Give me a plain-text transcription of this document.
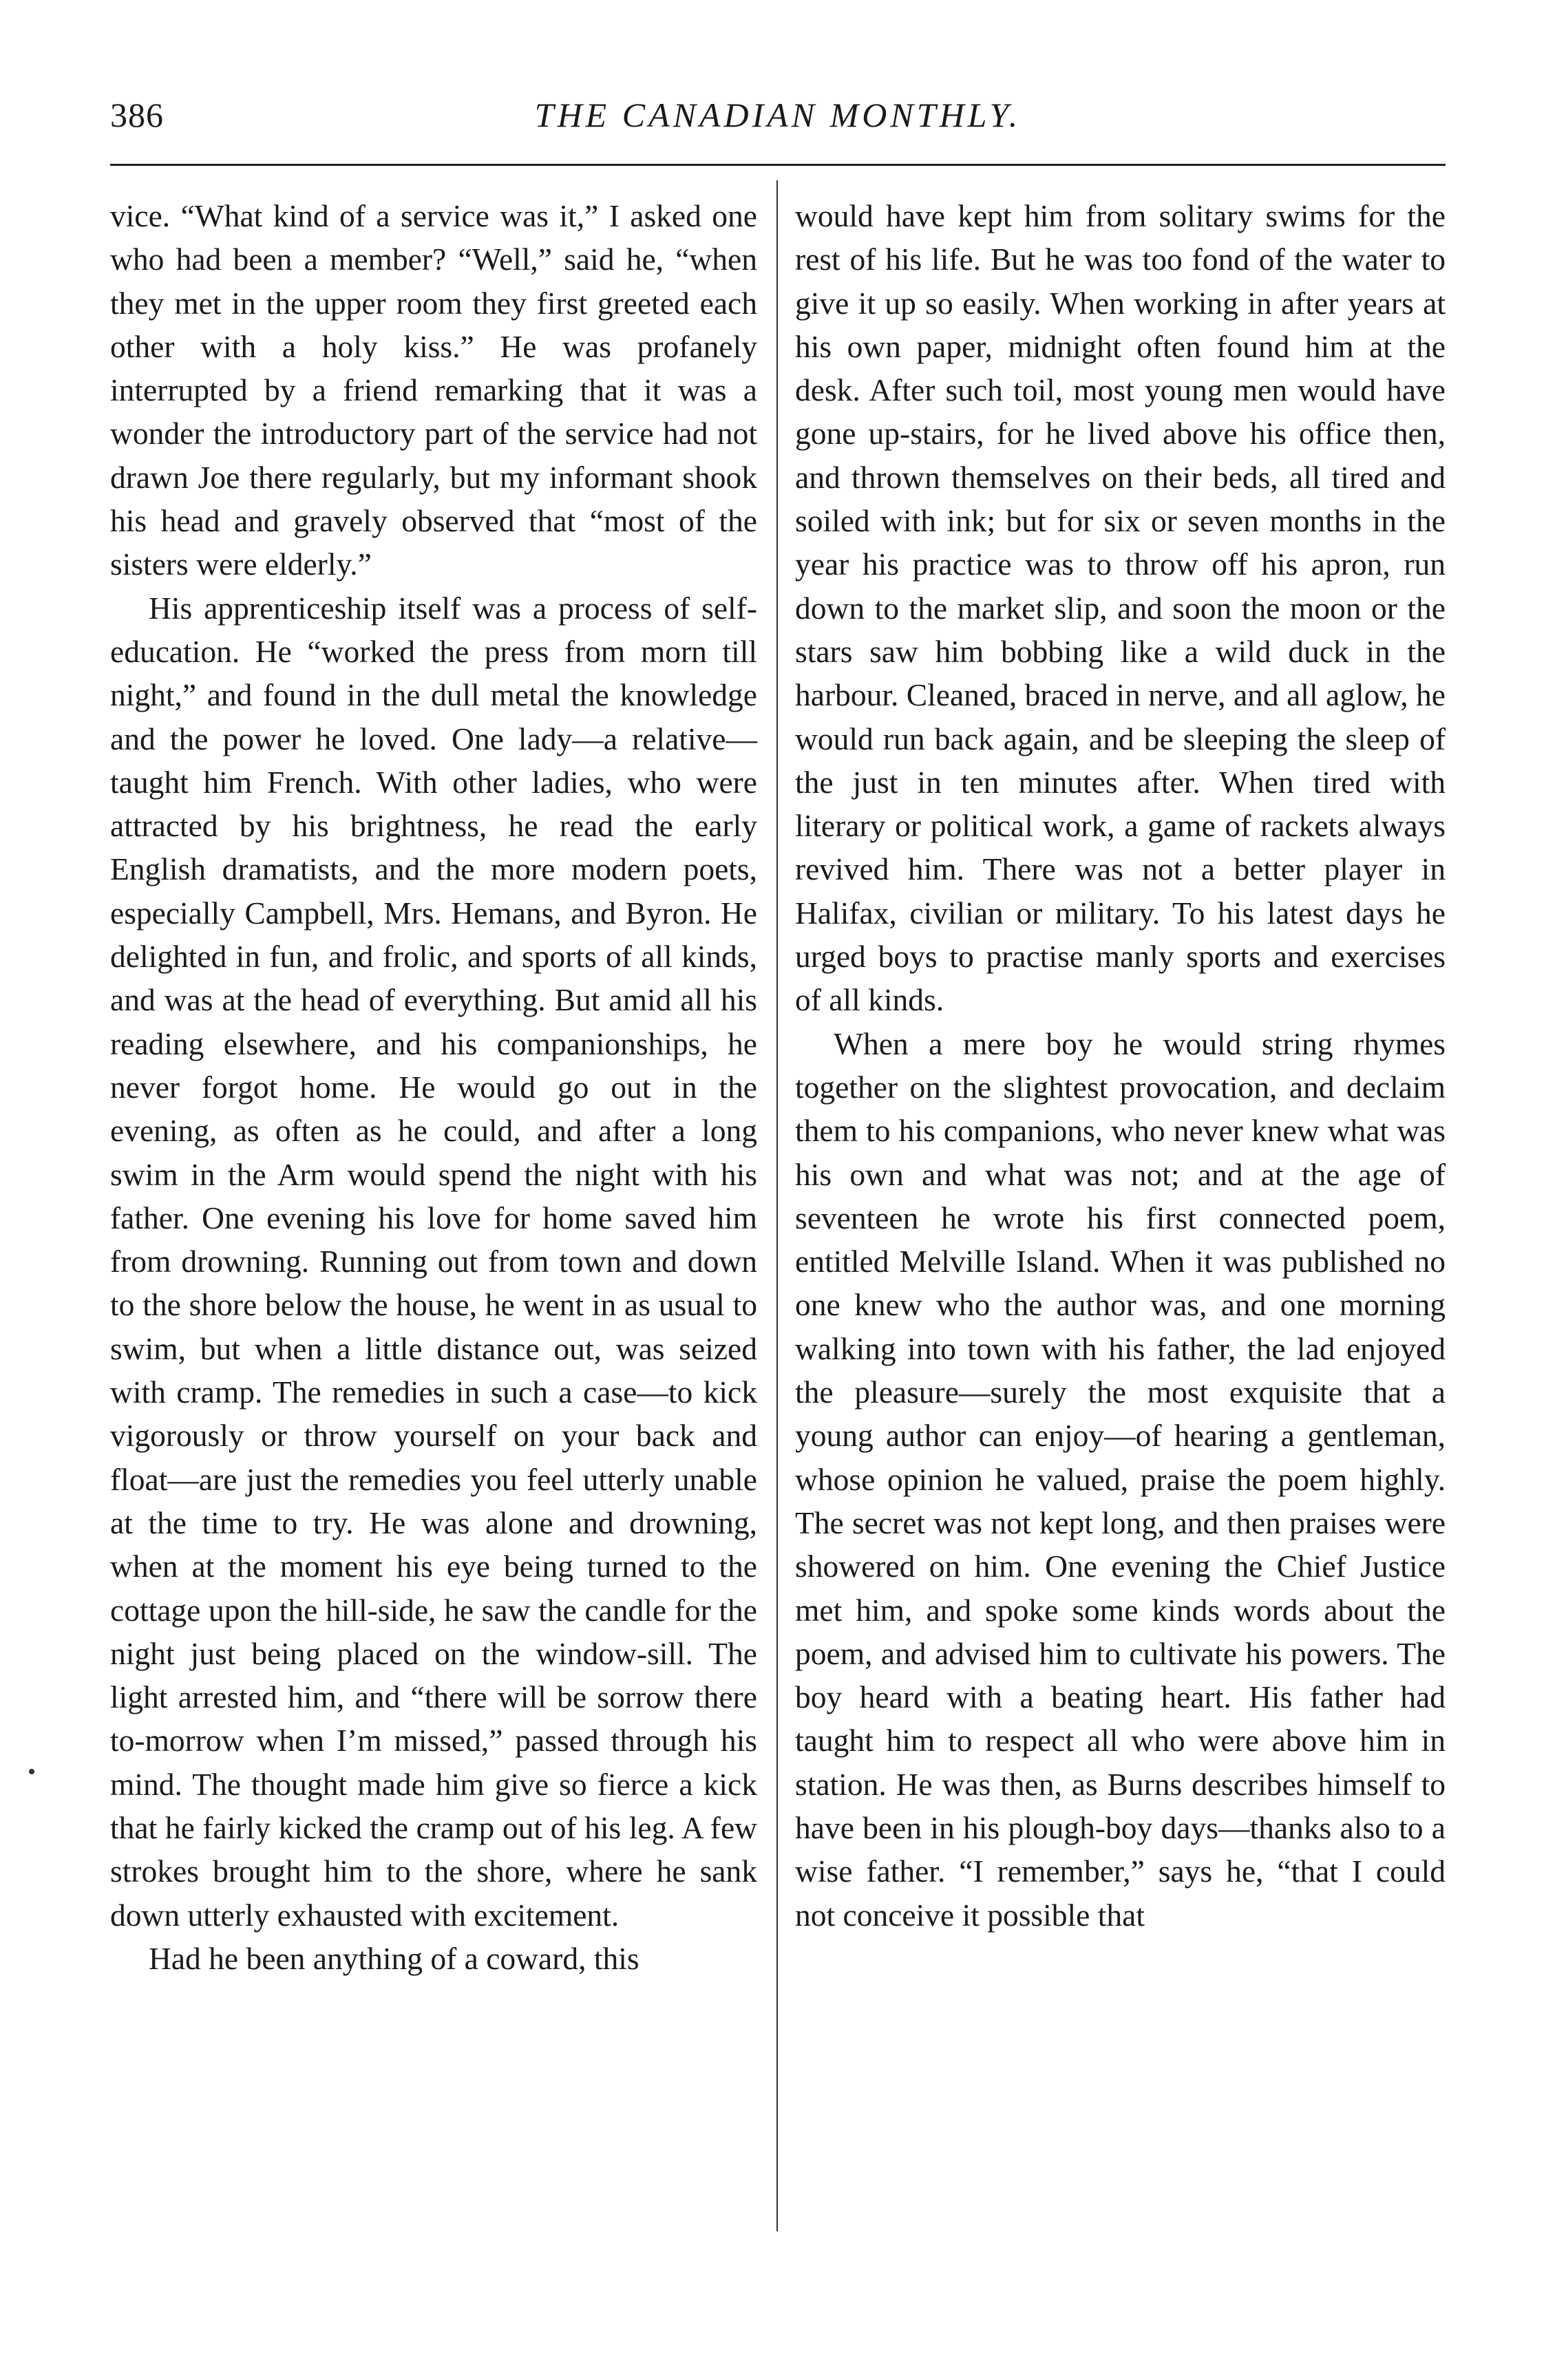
386	THE CANADIAN MONTHLY.

vice. “What kind of a service was it,” I asked one who had been a member? “Well,” said he, “when they met in the upper room they first greeted each other with a holy kiss.” He was profanely interrupted by a friend remarking that it was a wonder the introductory part of the service had not drawn Joe there regularly, but my informant shook his head and gravely observed that “most of the sisters were elderly.”

His apprenticeship itself was a process of self-education. He “worked the press from morn till night,” and found in the dull metal the knowledge and the power he loved. One lady—a relative—taught him French. With other ladies, who were attracted by his brightness, he read the early English dramatists, and the more modern poets, especially Campbell, Mrs. Hemans, and Byron. He delighted in fun, and frolic, and sports of all kinds, and was at the head of everything. But amid all his reading elsewhere, and his companionships, he never forgot home. He would go out in the evening, as often as he could, and after a long swim in the Arm would spend the night with his father. One evening his love for home saved him from drowning. Running out from town and down to the shore below the house, he went in as usual to swim, but when a little distance out, was seized with cramp. The remedies in such a case—to kick vigorously or throw yourself on your back and float—are just the remedies you feel utterly unable at the time to try. He was alone and drowning, when at the moment his eye being turned to the cottage upon the hill-side, he saw the candle for the night just being placed on the window-sill. The light arrested him, and “there will be sorrow there to-morrow when I’m missed,” passed through his mind. The thought made him give so fierce a kick that he fairly kicked the cramp out of his leg. A few strokes brought him to the shore, where he sank down utterly exhausted with excitement.

Had he been anything of a coward, this

would have kept him from solitary swims for the rest of his life. But he was too fond of the water to give it up so easily. When working in after years at his own paper, midnight often found him at the desk. After such toil, most young men would have gone up-stairs, for he lived above his office then, and thrown themselves on their beds, all tired and soiled with ink; but for six or seven months in the year his practice was to throw off his apron, run down to the market slip, and soon the moon or the stars saw him bobbing like a wild duck in the harbour. Cleaned, braced in nerve, and all aglow, he would run back again, and be sleeping the sleep of the just in ten minutes after. When tired with literary or political work, a game of rackets always revived him. There was not a better player in Halifax, civilian or military. To his latest days he urged boys to practise manly sports and exercises of all kinds.

When a mere boy he would string rhymes together on the slightest provocation, and declaim them to his companions, who never knew what was his own and what was not; and at the age of seventeen he wrote his first connected poem, entitled Melville Island. When it was published no one knew who the author was, and one morning walking into town with his father, the lad enjoyed the pleasure—surely the most exquisite that a young author can enjoy—of hearing a gentleman, whose opinion he valued, praise the poem highly. The secret was not kept long, and then praises were showered on him. One evening the Chief Justice met him, and spoke some kinds words about the poem, and advised him to cultivate his powers. The boy heard with a beating heart. His father had taught him to respect all who were above him in station. He was then, as Burns describes himself to have been in his plough-boy days—thanks also to a wise father. “I remember,” says he, “that I could not conceive it possible that
